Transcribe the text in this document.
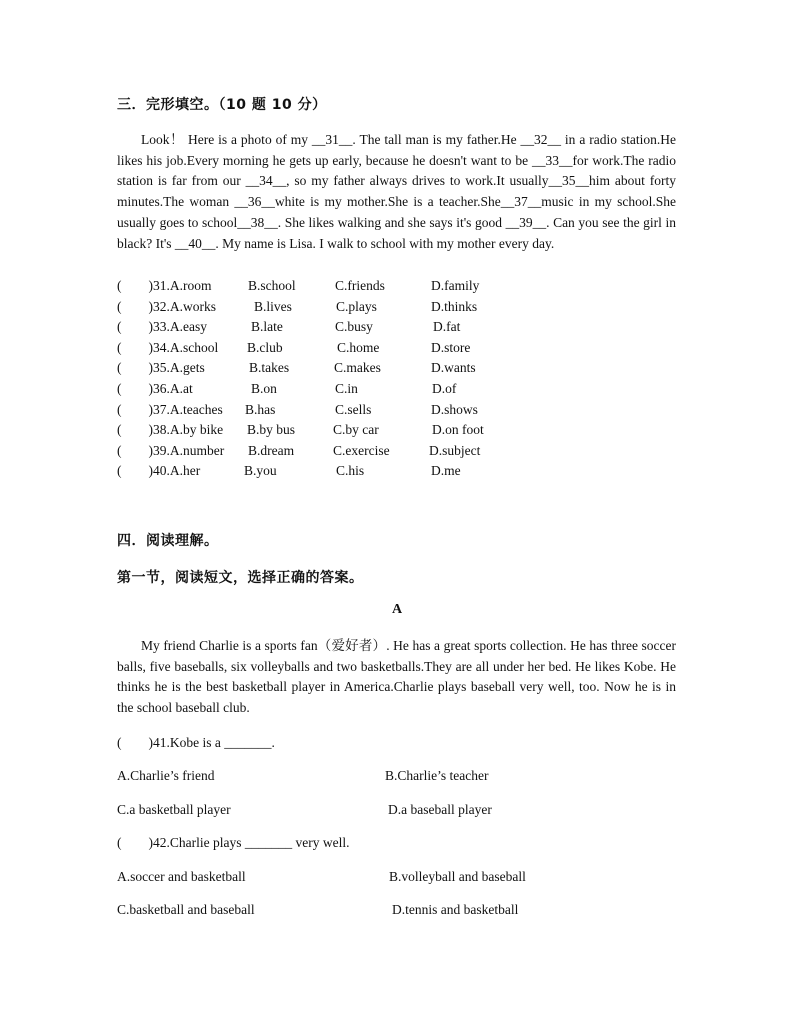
三．完形填空。（10 题 10 分）
Look！ Here is a photo of my __31__. The tall man is my father.He __32__ in a radio station.He likes his job.Every morning he gets up early, because he doesn't want to be __33__for work.The radio station is far from our __34__, so my father always drives to work.It usually__35__him about forty minutes.The woman __36__white is my mother.She is a teacher.She__37__music in my school.She usually goes to school__38__. She likes walking and she says it's good __39__. Can you see the girl in black? It's __40__. My name is Lisa. I walk to school with my mother every day.
(　　)31.A.room	B.school	C.friends	D.family
(　　)32.A.works	B.lives	C.plays	D.thinks
(　　)33.A.easy	B.late	C.busy	D.fat
(　　)34.A.school B.club	C.home	D.store
(　　)35.A.gets	B.takes	C.makes	D.wants
(　　)36.A.at	B.on	C.in	D.of
(　　)37.A.teaches B.has	C.sells	D.shows
(　　)38.A.by bike B.by bus	C.by car	D.on foot
(　　)39.A.number B.dream	C.exercise	D.subject
(　　)40.A.her	B.you	C.his	D.me
四．阅读理解。
第一节，阅读短文，选择正确的答案。
A
My friend Charlie is a sports fan（爱好者）. He has a great sports collection. He has three soccer balls, five baseballs, six volleyballs and two basketballs.They are all under her bed. He likes Kobe. He thinks he is the best basketball player in America.Charlie plays baseball very well, too. Now he is in the school baseball club.
(　　)41.Kobe is a _______.
A.Charlie’s friend	B.Charlie’s teacher
C.a basketball player	D.a baseball player
(　　)42.Charlie plays _______ very well.
A.soccer and basketball	B.volleyball and baseball
C.basketball and baseball	D.tennis and basketball
